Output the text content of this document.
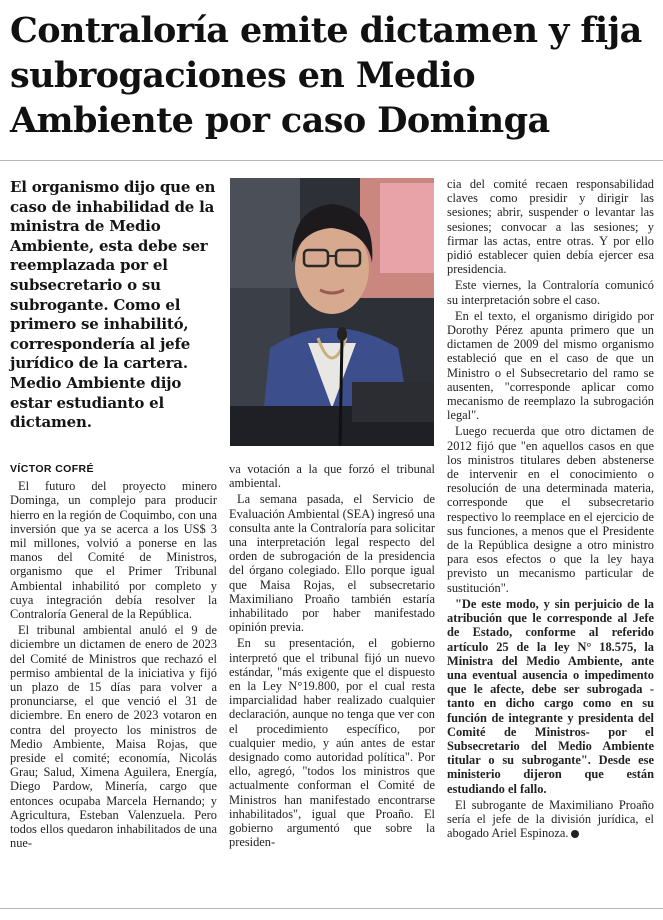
Contraloría emite dictamen y fija subrogaciones en Medio Ambiente por caso Dominga

El organismo dijo que en caso de inhabilidad de la ministra de Medio Ambiente, esta debe ser reemplazada por el subsecretario o su subrogante. Como el primero se inhabilitó, correspondería al jefe jurídico de la cartera. Medio Ambiente dijo estar estudianto el dictamen.

VÍCTOR COFRÉ

El futuro del proyecto minero Dominga, un complejo para producir hierro en la región de Coquimbo, con una inversión que ya se acerca a los US$ 3 mil millones, volvió a ponerse en las manos del Comité de Ministros, organismo que el Primer Tribunal Ambiental inhabilitó por completo y cuya integración debía resolver la Contraloría General de la República.

El tribunal ambiental anuló el 9 de diciembre un dictamen de enero de 2023 del Comité de Ministros que rechazó el permiso ambiental de la iniciativa y fijó un plazo de 15 días para volver a pronunciarse, el que venció el 31 de diciembre. En enero de 2023 votaron en contra del proyecto los ministros de Medio Ambiente, Maisa Rojas, que preside el comité; economía, Nicolás Grau; Salud, Ximena Aguilera, Energía, Diego Pardow, Minería, cargo que entonces ocupaba Marcela Hernando; y Agricultura, Esteban Valenzuela. Pero todos ellos quedaron inhabilitados de una nue-

va votación a la que forzó el tribunal ambiental.

La semana pasada, el Servicio de Evaluación Ambiental (SEA) ingresó una consulta ante la Contraloría para solicitar una interpretación legal respecto del orden de subrogación de la presidencia del órgano colegiado. Ello porque igual que Maisa Rojas, el subsecretario Maximiliano Proaño también estaría inhabilitado por haber manifestado opinión previa.

En su presentación, el gobierno interpretó que el tribunal fijó un nuevo estándar, "más exigente que el dispuesto en la Ley N°19.800, por el cual resta imparcialidad haber realizado cualquier declaración, aunque no tenga que ver con el procedimiento específico, por cualquier medio, y aún antes de estar designado como autoridad política". Por ello, agregó, "todos los ministros que actualmente conforman el Comité de Ministros han manifestado encontrarse inhabilitados", igual que Proaño. El gobierno argumentó que sobre la presiden-

cia del comité recaen responsabilidad claves como presidir y dirigir las sesiones; abrir, suspender o levantar las sesiones; convocar a las sesiones; y firmar las actas, entre otras. Y por ello pidió establecer quien debía ejercer esa presidencia.

Este viernes, la Contraloría comunicó su interpretación sobre el caso.

En el texto, el organismo dirigido por Dorothy Pérez apunta primero que un dictamen de 2009 del mismo organismo estableció que en el caso de que un Ministro o el Subsecretario del ramo se ausenten, "corresponde aplicar como mecanismo de reemplazo la subrogación legal".

Luego recuerda que otro dictamen de 2012 fijó que "en aquellos casos en que los ministros titulares deben abstenerse de intervenir en el conocimiento o resolución de una determinada materia, corresponde que el subsecretario respectivo lo reemplace en el ejercicio de sus funciones, a menos que el Presidente de la República designe a otro ministro para esos efectos o que la ley haya previsto un mecanismo particular de sustitución".

"De este modo, y sin perjuicio de la atribución que le corresponde al Jefe de Estado, conforme al referido artículo 25 de la ley N° 18.575, la Ministra del Medio Ambiente, ante una eventual ausencia o impedimento que le afecte, debe ser subrogada -tanto en dicho cargo como en su función de integrante y presidenta del Comité de Ministros- por el Subsecretario del Medio Ambiente titular o su subrogante". Desde ese ministerio dijeron que están estudiando el fallo.

El subrogante de Maximiliano Proaño sería el jefe de la división jurídica, el abogado Ariel Espinoza.
